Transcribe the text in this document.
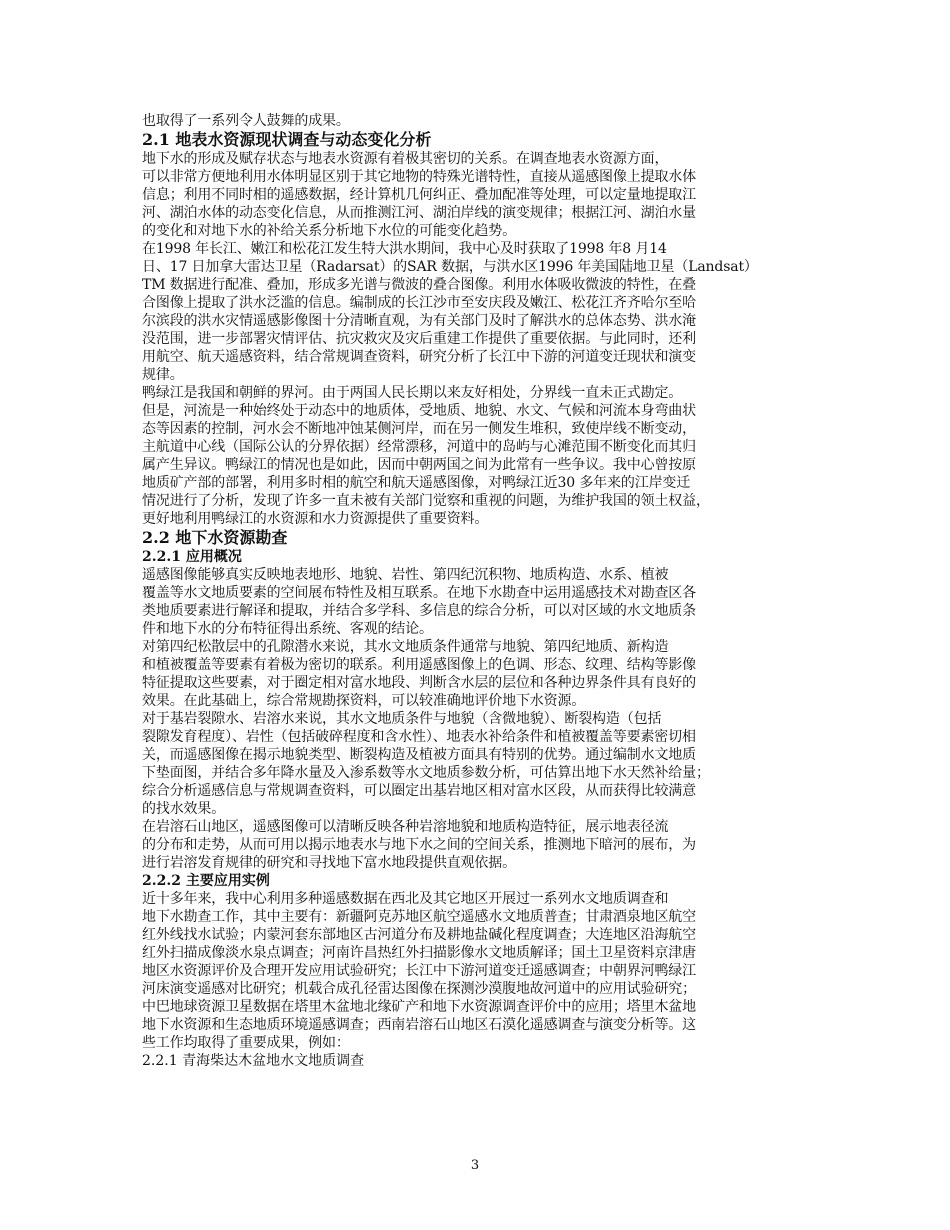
也取得了一系列令人鼓舞的成果。
2.1 地表水资源现状调查与动态变化分析
地下水的形成及赋存状态与地表水资源有着极其密切的关系。在调查地表水资源方面，
可以非常方便地利用水体明显区别于其它地物的特殊光谱特性，直接从遥感图像上提取水体
信息；利用不同时相的遥感数据，经计算机几何纠正、叠加配准等处理，可以定量地提取江
河、湖泊水体的动态变化信息，从而推测江河、湖泊岸线的演变规律；根据江河、湖泊水量
的变化和对地下水的补给关系分析地下水位的可能变化趋势。
在1998 年长江、嫩江和松花江发生特大洪水期间，我中心及时获取了1998 年8 月14
日、17 日加拿大雷达卫星（Radarsat）的SAR 数据，与洪水区1996 年美国陆地卫星（Landsat）
TM 数据进行配准、叠加，形成多光谱与微波的叠合图像。利用水体吸收微波的特性，在叠
合图像上提取了洪水泛滥的信息。编制成的长江沙市至安庆段及嫩江、松花江齐齐哈尔至哈
尔滨段的洪水灾情遥感影像图十分清晰直观，为有关部门及时了解洪水的总体态势、洪水淹
没范围，进一步部署灾情评估、抗灾救灾及灾后重建工作提供了重要依据。与此同时，还利
用航空、航天遥感资料，结合常规调查资料，研究分析了长江中下游的河道变迁现状和演变
规律。
鸭绿江是我国和朝鲜的界河。由于两国人民长期以来友好相处，分界线一直未正式勘定。
但是，河流是一种始终处于动态中的地质体，受地质、地貌、水文、气候和河流本身弯曲状
态等因素的控制，河水会不断地冲蚀某侧河岸，而在另一侧发生堆积，致使岸线不断变动，
主航道中心线（国际公认的分界依据）经常漂移，河道中的岛屿与心滩范围不断变化而其归
属产生异议。鸭绿江的情况也是如此，因而中朝两国之间为此常有一些争议。我中心曾按原
地质矿产部的部署，利用多时相的航空和航天遥感图像，对鸭绿江近30 多年来的江岸变迁
情况进行了分析，发现了许多一直未被有关部门觉察和重视的问题，为维护我国的领土权益，
更好地利用鸭绿江的水资源和水力资源提供了重要资料。
2.2 地下水资源勘查
2.2.1 应用概况
遥感图像能够真实反映地表地形、地貌、岩性、第四纪沉积物、地质构造、水系、植被
覆盖等水文地质要素的空间展布特性及相互联系。在地下水勘查中运用遥感技术对勘查区各
类地质要素进行解译和提取，并结合多学科、多信息的综合分析，可以对区域的水文地质条
件和地下水的分布特征得出系统、客观的结论。
对第四纪松散层中的孔隙潜水来说，其水文地质条件通常与地貌、第四纪地质、新构造
和植被覆盖等要素有着极为密切的联系。利用遥感图像上的色调、形态、纹理、结构等影像
特征提取这些要素，对于圈定相对富水地段、判断含水层的层位和各种边界条件具有良好的
效果。在此基础上，综合常规勘探资料，可以较准确地评价地下水资源。
对于基岩裂隙水、岩溶水来说，其水文地质条件与地貌（含微地貌）、断裂构造（包括
裂隙发育程度）、岩性（包括破碎程度和含水性）、地表水补给条件和植被覆盖等要素密切相
关，而遥感图像在揭示地貌类型、断裂构造及植被方面具有特别的优势。通过编制水文地质
下垫面图，并结合多年降水量及入渗系数等水文地质参数分析，可估算出地下水天然补给量；
综合分析遥感信息与常规调查资料，可以圈定出基岩地区相对富水区段，从而获得比较满意
的找水效果。
在岩溶石山地区，遥感图像可以清晰反映各种岩溶地貌和地质构造特征，展示地表径流
的分布和走势，从而可用以揭示地表水与地下水之间的空间关系，推测地下暗河的展布，为
进行岩溶发育规律的研究和寻找地下富水地段提供直观依据。
2.2.2 主要应用实例
近十多年来，我中心利用多种遥感数据在西北及其它地区开展过一系列水文地质调查和
地下水勘查工作，其中主要有：新疆阿克苏地区航空遥感水文地质普查；甘肃酒泉地区航空
红外线找水试验；内蒙河套东部地区古河道分布及耕地盐碱化程度调查；大连地区沿海航空
红外扫描成像淡水泉点调查；河南许昌热红外扫描影像水文地质解译；国土卫星资料京津唐
地区水资源评价及合理开发应用试验研究；长江中下游河道变迁遥感调查；中朝界河鸭绿江
河床演变遥感对比研究；机载合成孔径雷达图像在探测沙漠腹地故河道中的应用试验研究；
中巴地球资源卫星数据在塔里木盆地北缘矿产和地下水资源调查评价中的应用；塔里木盆地
地下水资源和生态地质环境遥感调查；西南岩溶石山地区石漠化遥感调查与演变分析等。这
些工作均取得了重要成果，例如：
2.2.1 青海柴达木盆地水文地质调查
3
